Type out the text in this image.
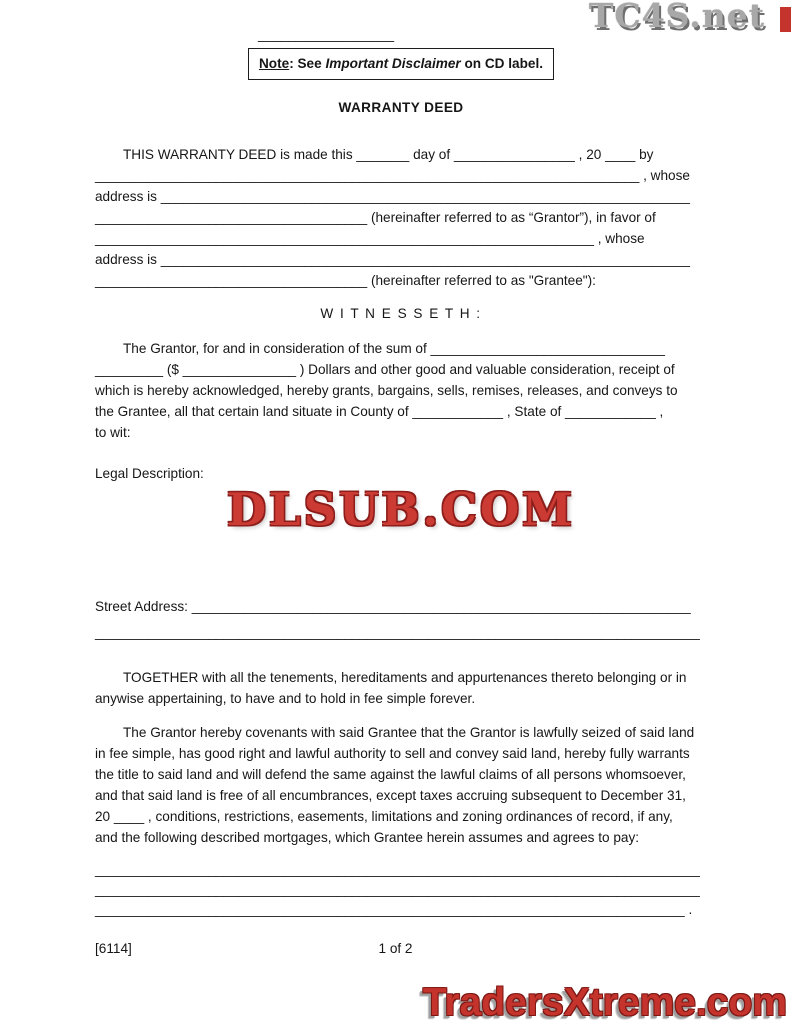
TC4S.net
__________________
Note: See Important Disclaimer on CD label.
WARRANTY DEED
THIS WARRANTY DEED is made this _______ day of ________________ , 20 ____ by
________________________________________________________________________ , whose
address is ______________________________________________________________________
____________________________________ (hereinafter referred to as “Grantor”), in favor of
__________________________________________________________________ , whose
address is ______________________________________________________________________
____________________________________ (hereinafter referred to as "Grantee"):
W I T N E S S E T H :
The Grantor, for and in consideration of the sum of _______________________________
_________ ($ _______________ ) Dollars and other good and valuable consideration, receipt of
which is hereby acknowledged, hereby grants, bargains, sells, remises, releases, and conveys to
the Grantee, all that certain land situate in County of ____________ , State of ____________ ,
to wit:
Legal Description:
DLSUB.COM
Street Address: __________________________________________________________________
________________________________________________________________________________
TOGETHER with all the tenements, hereditaments and appurtenances thereto belonging or in
anywise appertaining, to have and to hold in fee simple forever.
The Grantor hereby covenants with said Grantee that the Grantor is lawfully seized of said land
in fee simple, has good right and lawful authority to sell and convey said land, hereby fully warrants
the title to said land and will defend the same against the lawful claims of all persons whomsoever,
and that said land is free of all encumbrances, except taxes accruing subsequent to December 31,
20 ____ , conditions, restrictions, easements, limitations and zoning ordinances of record, if any,
and the following described mortgages, which Grantee herein assumes and agrees to pay:
________________________________________________________________________________
________________________________________________________________________________
______________________________________________________________________________ .
[6114]	1 of 2
TradersXtreme.com
